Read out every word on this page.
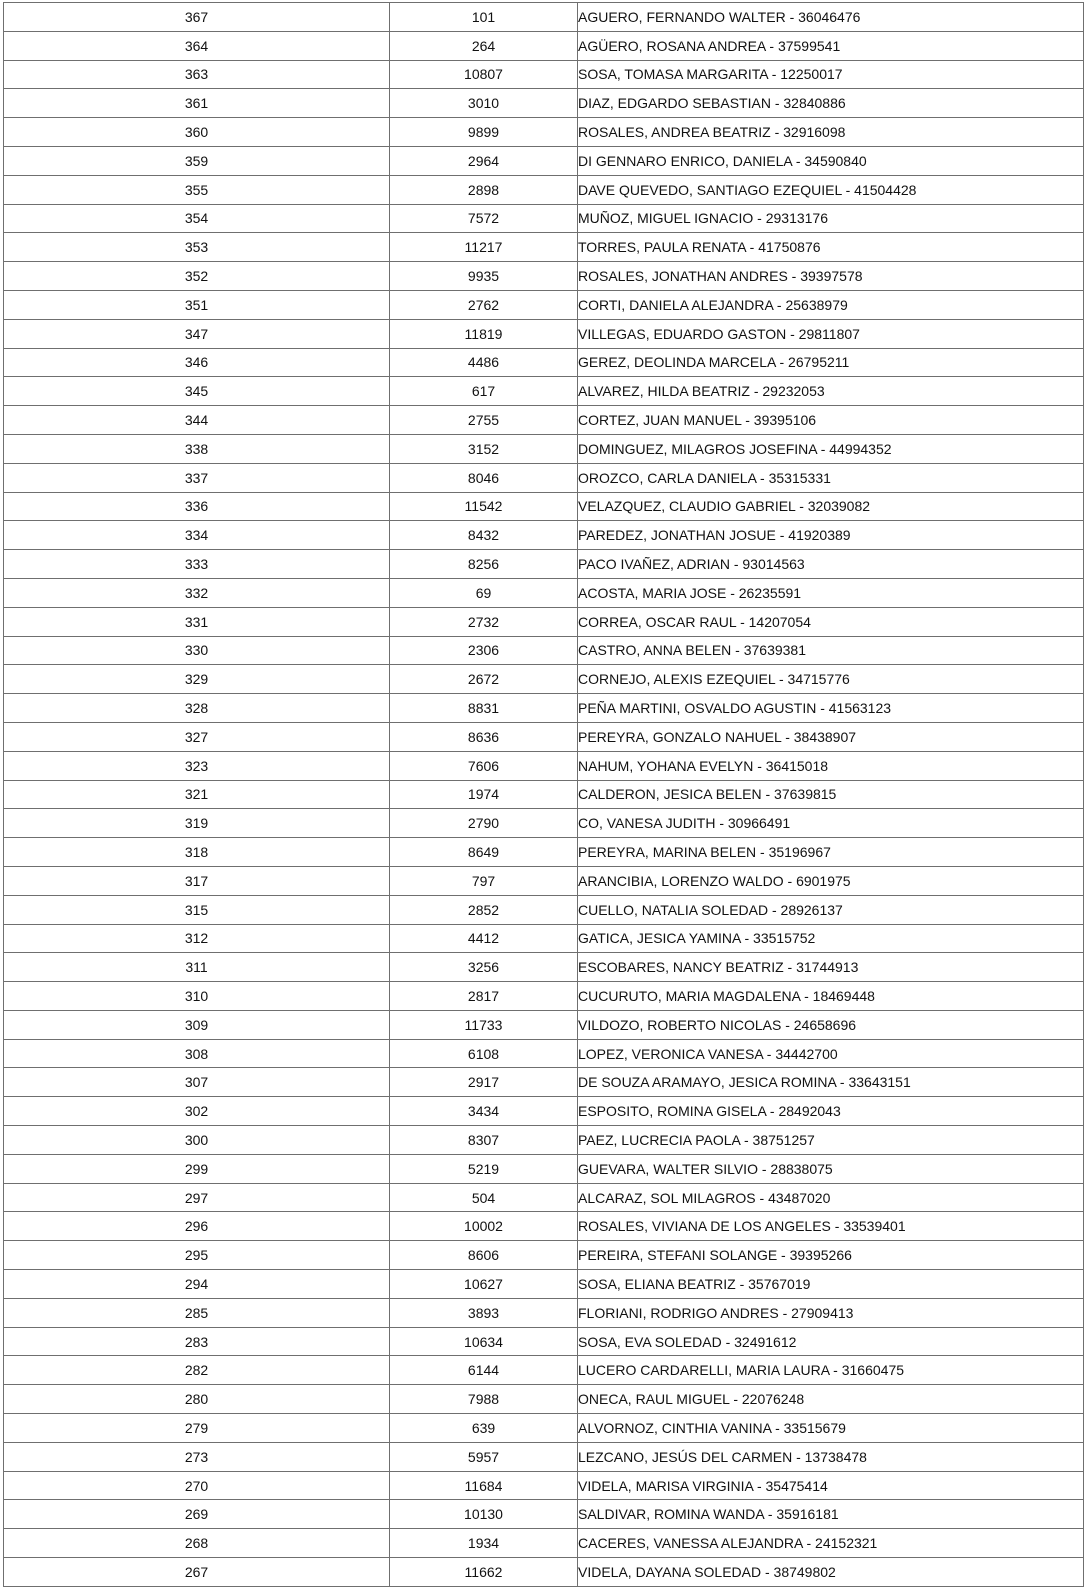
367	101	AGUERO, FERNANDO WALTER - 36046476
364	264	AGÜERO, ROSANA ANDREA - 37599541
363	10807	SOSA, TOMASA MARGARITA - 12250017
361	3010	DIAZ, EDGARDO SEBASTIAN - 32840886
360	9899	ROSALES, ANDREA BEATRIZ - 32916098
359	2964	DI GENNARO ENRICO, DANIELA - 34590840
355	2898	DAVE QUEVEDO, SANTIAGO EZEQUIEL - 41504428
354	7572	MUÑOZ, MIGUEL IGNACIO - 29313176
353	11217	TORRES, PAULA RENATA - 41750876
352	9935	ROSALES, JONATHAN ANDRES - 39397578
351	2762	CORTI, DANIELA ALEJANDRA - 25638979
347	11819	VILLEGAS, EDUARDO GASTON - 29811807
346	4486	GEREZ, DEOLINDA MARCELA - 26795211
345	617	ALVAREZ, HILDA BEATRIZ - 29232053
344	2755	CORTEZ, JUAN MANUEL - 39395106
338	3152	DOMINGUEZ, MILAGROS JOSEFINA - 44994352
337	8046	OROZCO, CARLA DANIELA - 35315331
336	11542	VELAZQUEZ, CLAUDIO GABRIEL - 32039082
334	8432	PAREDEZ, JONATHAN JOSUE - 41920389
333	8256	PACO IVAÑEZ, ADRIAN - 93014563
332	69	ACOSTA, MARIA JOSE - 26235591
331	2732	CORREA, OSCAR RAUL - 14207054
330	2306	CASTRO, ANNA BELEN - 37639381
329	2672	CORNEJO, ALEXIS EZEQUIEL - 34715776
328	8831	PEÑA MARTINI, OSVALDO AGUSTIN - 41563123
327	8636	PEREYRA, GONZALO NAHUEL - 38438907
323	7606	NAHUM, YOHANA EVELYN - 36415018
321	1974	CALDERON, JESICA BELEN - 37639815
319	2790	CO, VANESA JUDITH - 30966491
318	8649	PEREYRA, MARINA BELEN - 35196967
317	797	ARANCIBIA, LORENZO WALDO - 6901975
315	2852	CUELLO, NATALIA SOLEDAD - 28926137
312	4412	GATICA, JESICA YAMINA - 33515752
311	3256	ESCOBARES, NANCY BEATRIZ - 31744913
310	2817	CUCURUTO, MARIA MAGDALENA - 18469448
309	11733	VILDOZO, ROBERTO NICOLAS - 24658696
308	6108	LOPEZ, VERONICA VANESA - 34442700
307	2917	DE SOUZA ARAMAYO, JESICA ROMINA - 33643151
302	3434	ESPOSITO, ROMINA GISELA - 28492043
300	8307	PAEZ, LUCRECIA PAOLA - 38751257
299	5219	GUEVARA, WALTER SILVIO - 28838075
297	504	ALCARAZ, SOL MILAGROS - 43487020
296	10002	ROSALES, VIVIANA DE LOS ANGELES - 33539401
295	8606	PEREIRA, STEFANI SOLANGE - 39395266
294	10627	SOSA, ELIANA BEATRIZ - 35767019
285	3893	FLORIANI, RODRIGO ANDRES - 27909413
283	10634	SOSA, EVA SOLEDAD - 32491612
282	6144	LUCERO CARDARELLI, MARIA LAURA - 31660475
280	7988	ONECA, RAUL MIGUEL - 22076248
279	639	ALVORNOZ, CINTHIA VANINA - 33515679
273	5957	LEZCANO, JESÚS DEL CARMEN - 13738478
270	11684	VIDELA, MARISA VIRGINIA - 35475414
269	10130	SALDIVAR, ROMINA WANDA - 35916181
268	1934	CACERES, VANESSA ALEJANDRA - 24152321
267	11662	VIDELA, DAYANA SOLEDAD - 38749802
